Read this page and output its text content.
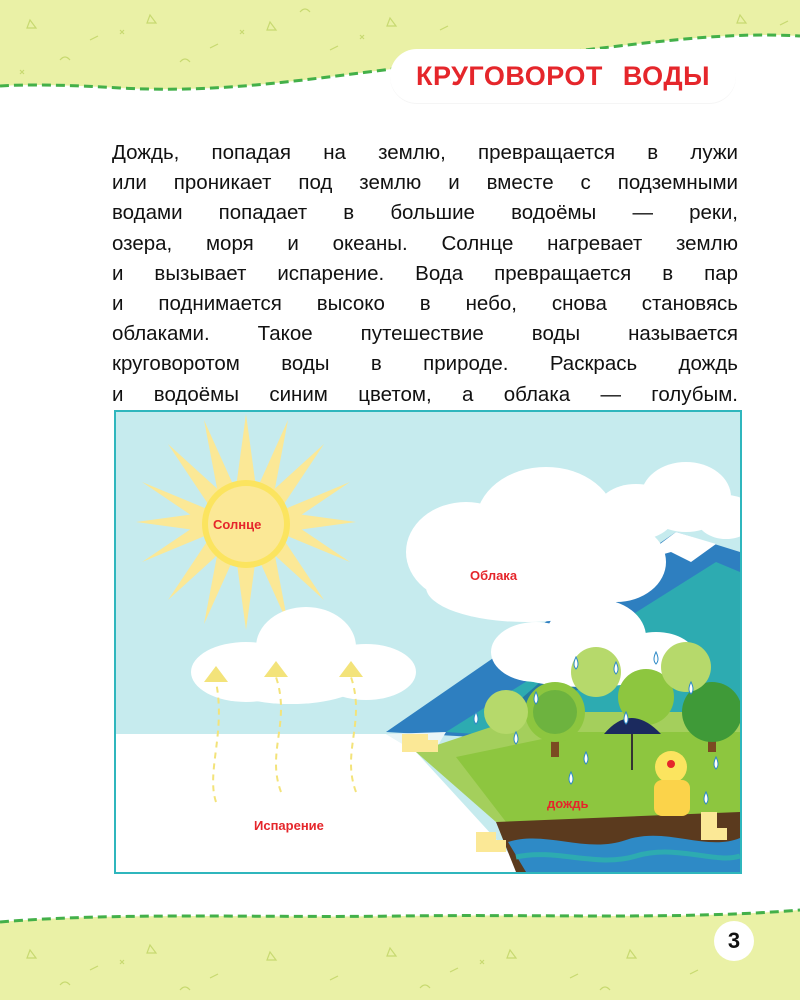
КРУГОВОРОТ ВОДЫ
Дождь, попадая на землю, превращается в лужи
или проникает под землю и вместе с подземными
водами попадает в большие водоёмы — реки,
озера, моря и океаны. Солнце нагревает землю
и вызывает испарение. Вода превращается в пар
и поднимается высоко в небо, снова становясь
облаками. Такое путешествие воды называется
круговоротом воды в природе. Раскрась дождь
и водоёмы синим цветом, а облака — голубым.
Солнце
Облака
дождь
Испарение
3
